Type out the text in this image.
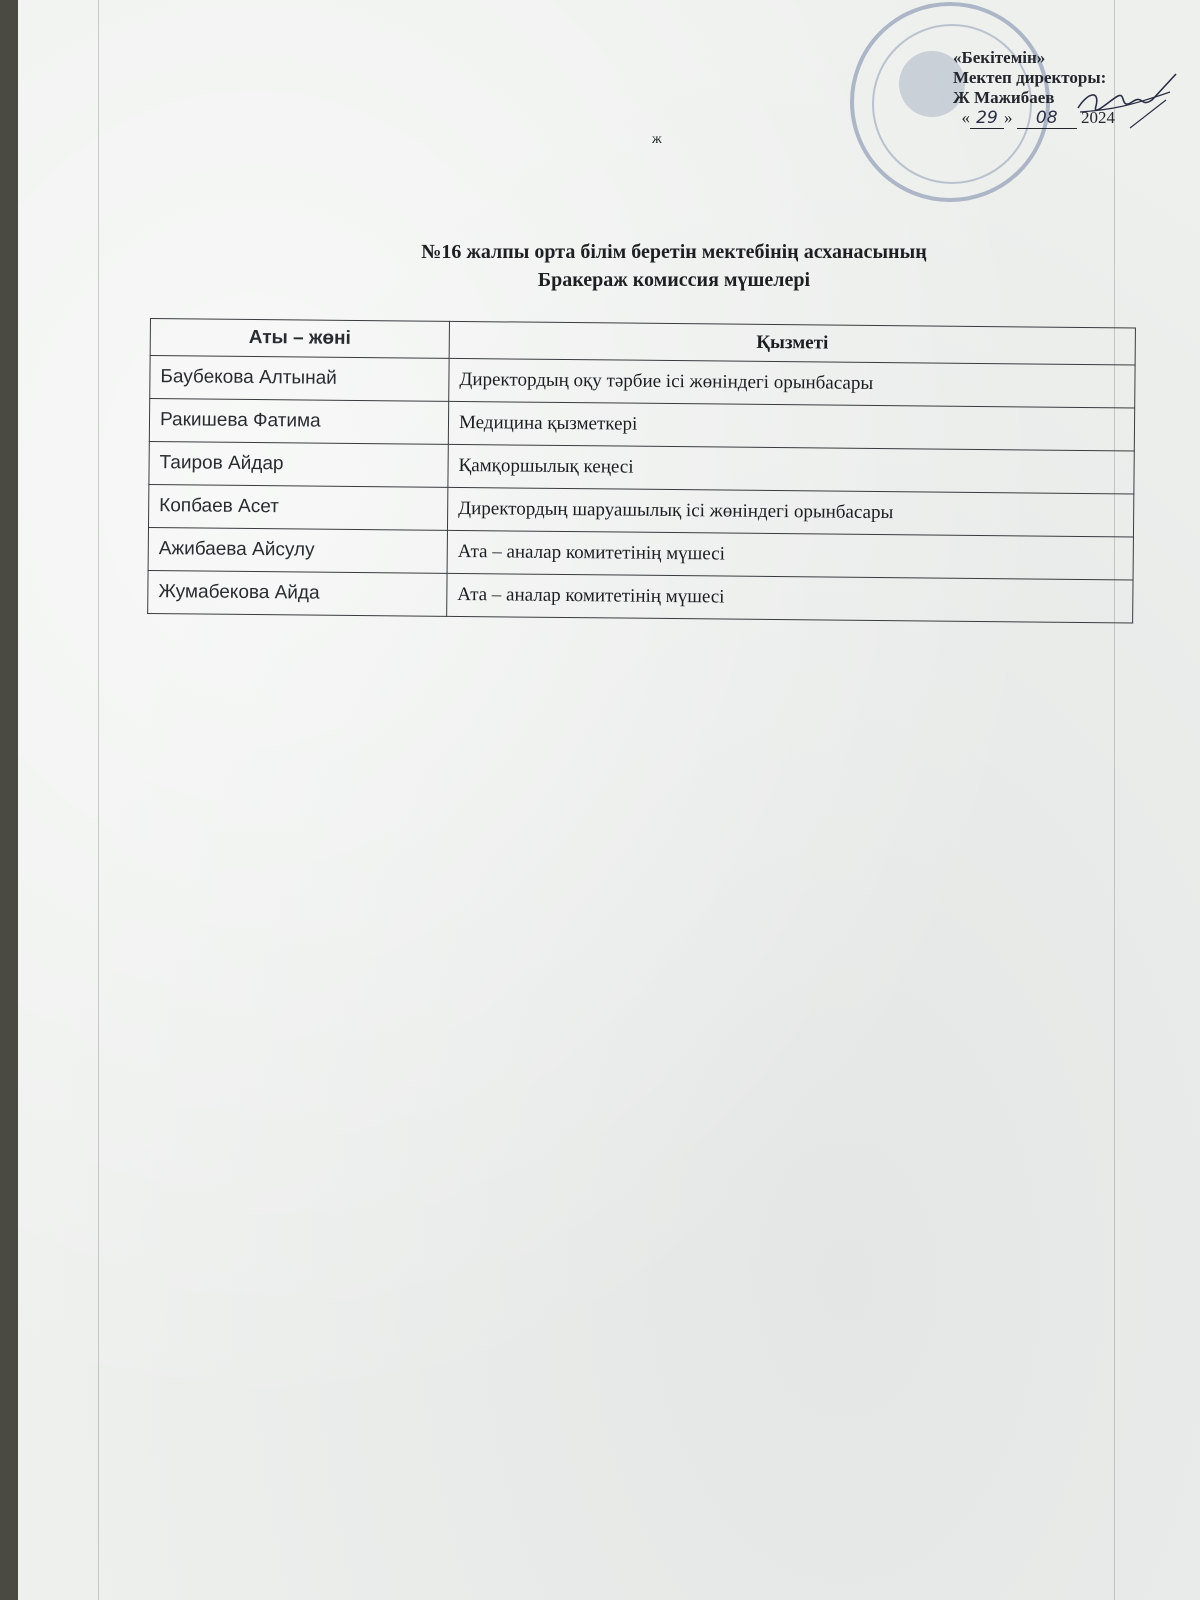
ж
«Бекітемін»
Мектеп директоры:
Ж Мажибаев
« 29 » 08 2024
№16 жалпы орта білім беретін мектебінің асханасының
Бракераж комиссия мүшелері
Аты – жөні	Қызметі
Баубекова Алтынай	Директордың оқу тәрбие ісі жөніндегі орынбасары
Ракишева Фатима	Медицина қызметкері
Таиров Айдар	Қамқоршылық кеңесі
Копбаев Асет	Директордың шаруашылық ісі жөніндегі орынбасары
Ажибаева Айсулу	Ата – аналар комитетінің мүшесі
Жумабекова Айда	Ата – аналар комитетінің мүшесі
